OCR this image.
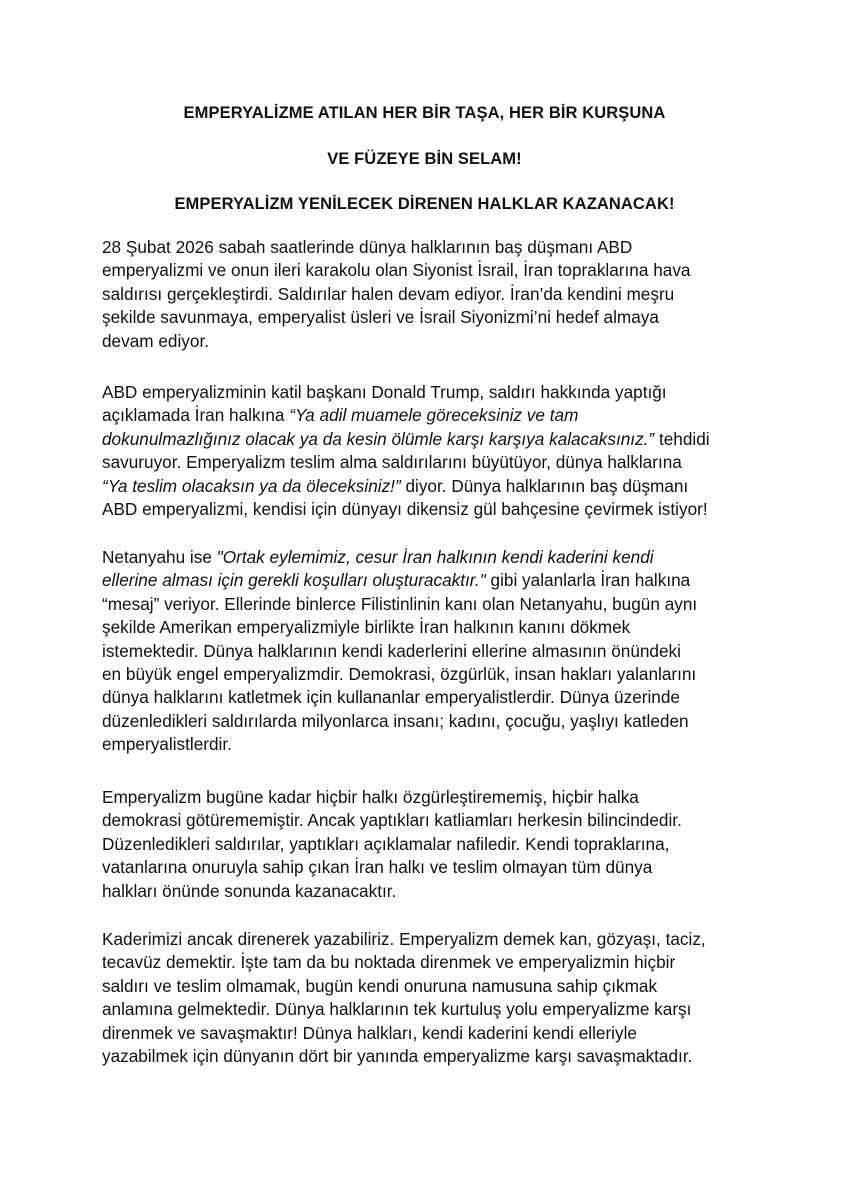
EMPERYALİZME ATILAN HER BİR TAŞA, HER BİR KURŞUNA
VE FÜZEYE BİN SELAM!
EMPERYALİZM YENİLECEK DİRENEN HALKLAR KAZANACAK!
28 Şubat 2026 sabah saatlerinde dünya halklarının baş düşmanı ABD
emperyalizmi ve onun ileri karakolu olan Siyonist İsrail, İran topraklarına hava
saldırısı gerçekleştirdi. Saldırılar halen devam ediyor. İran’da kendini meşru
şekilde savunmaya, emperyalist üsleri ve İsrail Siyonizmi’ni hedef almaya
devam ediyor.
ABD emperyalizminin katil başkanı Donald Trump, saldırı hakkında yaptığı
açıklamada İran halkına “Ya adil muamele göreceksiniz ve tam
dokunulmazlığınız olacak ya da kesin ölümle karşı karşıya kalacaksınız.” tehdidi
savuruyor. Emperyalizm teslim alma saldırılarını büyütüyor, dünya halklarına
“Ya teslim olacaksın ya da öleceksiniz!” diyor. Dünya halklarının baş düşmanı
ABD emperyalizmi, kendisi için dünyayı dikensiz gül bahçesine çevirmek istiyor!
Netanyahu ise "Ortak eylemimiz, cesur İran halkının kendi kaderini kendi
ellerine alması için gerekli koşulları oluşturacaktır." gibi yalanlarla İran halkına
“mesaj” veriyor. Ellerinde binlerce Filistinlinin kanı olan Netanyahu, bugün aynı
şekilde Amerikan emperyalizmiyle birlikte İran halkının kanını dökmek
istemektedir. Dünya halklarının kendi kaderlerini ellerine almasının önündeki
en büyük engel emperyalizmdir. Demokrasi, özgürlük, insan hakları yalanlarını
dünya halklarını katletmek için kullananlar emperyalistlerdir. Dünya üzerinde
düzenledikleri saldırılarda milyonlarca insanı; kadını, çocuğu, yaşlıyı katleden
emperyalistlerdir.
Emperyalizm bugüne kadar hiçbir halkı özgürleştirememiş, hiçbir halka
demokrasi götürememiştir. Ancak yaptıkları katliamları herkesin bilincindedir.
Düzenledikleri saldırılar, yaptıkları açıklamalar nafiledir. Kendi topraklarına,
vatanlarına onuruyla sahip çıkan İran halkı ve teslim olmayan tüm dünya
halkları önünde sonunda kazanacaktır.
Kaderimizi ancak direnerek yazabiliriz. Emperyalizm demek kan, gözyaşı, taciz,
tecavüz demektir. İşte tam da bu noktada direnmek ve emperyalizmin hiçbir
saldırı ve teslim olmamak, bugün kendi onuruna namusuna sahip çıkmak
anlamına gelmektedir. Dünya halklarının tek kurtuluş yolu emperyalizme karşı
direnmek ve savaşmaktır! Dünya halkları, kendi kaderini kendi elleriyle
yazabilmek için dünyanın dört bir yanında emperyalizme karşı savaşmaktadır.
